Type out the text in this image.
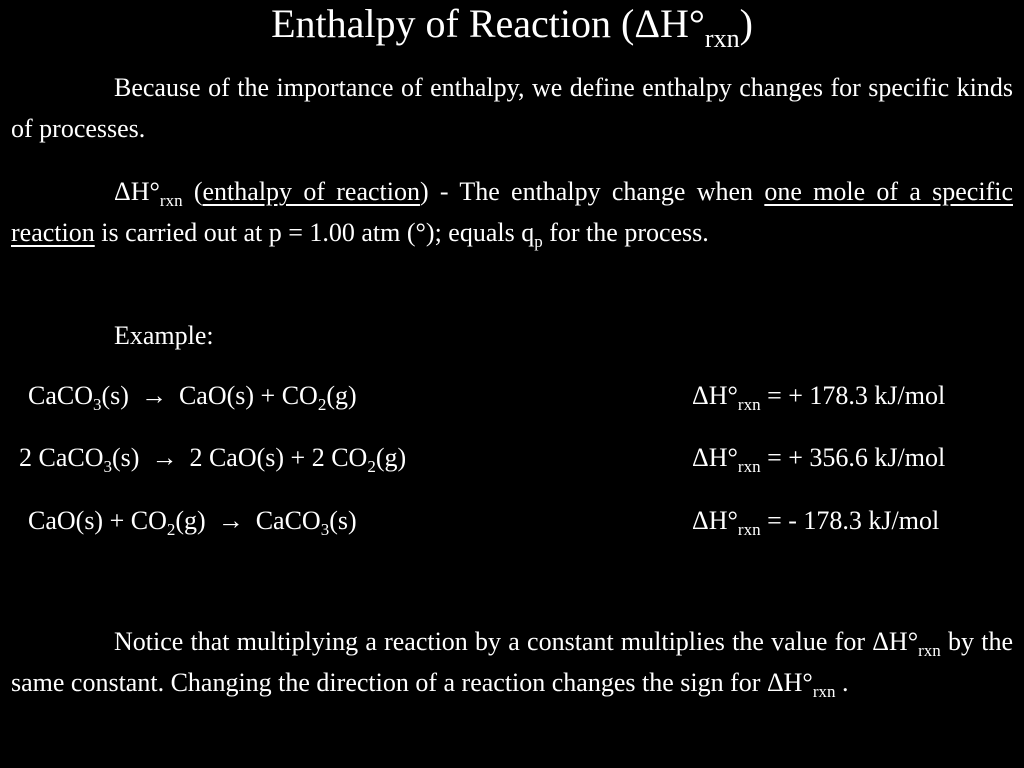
Enthalpy of Reaction $(\Delta H^\circ_{rxn})$

Because of the importance of enthalpy, we define enthalpy changes for specific kinds of processes.

$\Delta H^\circ_{rxn}$ (enthalpy of reaction) - The enthalpy change when one mole of a specific reaction is carried out at p = 1.00 atm (°); equals $q_p$ for the process.

Example:

CaCO$_3$(s) → $CaO(s) + CO_2(g)$	$\Delta H^\circ_{rxn}$ = + 178.3 kJ/mol
2 CaCO$_3$(s) → 2 CaO(s) + 2 $CO_2(g)$	$\Delta H^\circ_{rxn}$ = + 356.6 kJ/mol
$CaO(s) + CO_2(g)$ → CaCO$_3$(s)	$\Delta H^\circ_{rxn}$ = - 178.3 kJ/mol

Notice that multiplying a reaction by a constant multiplies the value for $\Delta H^\circ_{rxn}$ by the same constant. Changing the direction of a reaction changes the sign for $\Delta H^\circ_{rxn}$ .
